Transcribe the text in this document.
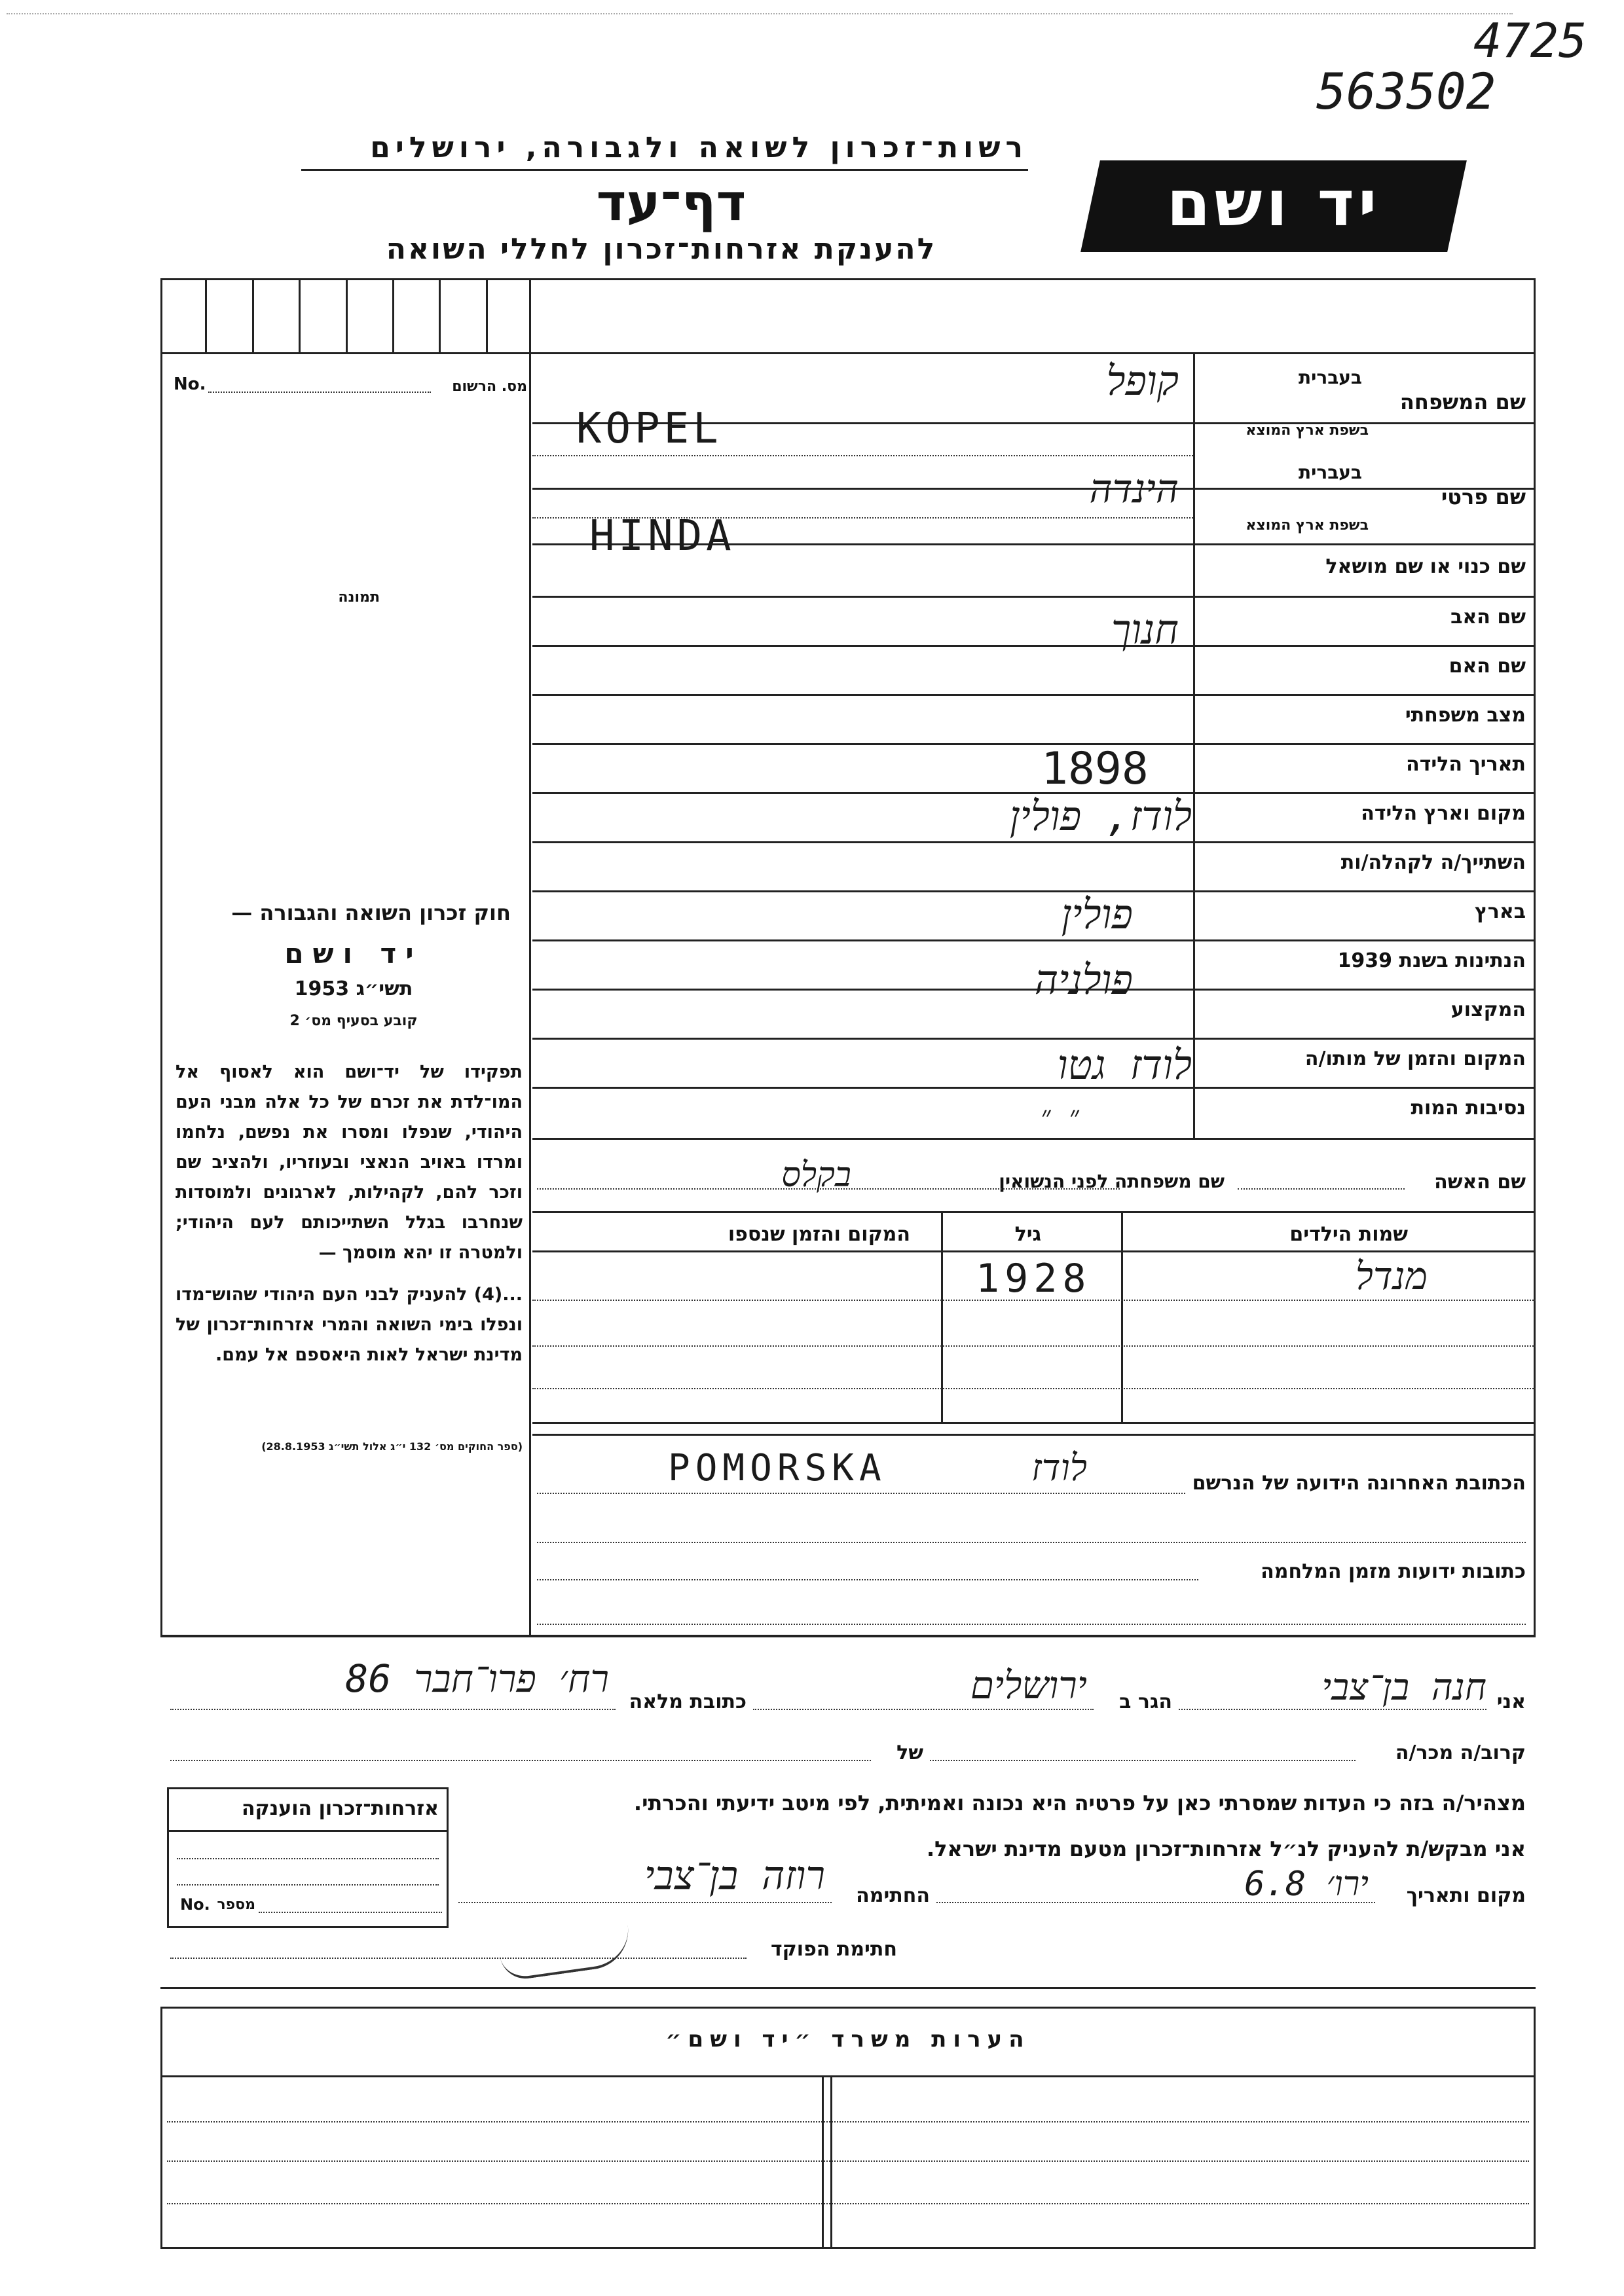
563502
4725
רשות־זכרון לשואה ולגבורה, ירושלים
דף־עד
להענקת אזרחות־זכרון לחללי השואה
יד ושם
No.	מס. הרשום
תמונה
שם המשפחה
בעברית
בשפת ארץ המוצא
שם פרטי
בעברית
בשפת ארץ המוצא
שם כנוי או שם מושאל
שם האב
שם האם
מצב משפחתי
תאריך הלידה
מקום וארץ הלידה
השתייך/ה לקהלה/ות
בארץ
הנתינות בשנת 1939
המקצוע
המקום והזמן של מותו/ה
נסיבות המות
קופל
KOPEL
הינדה
HINDA
חנוך
1898
לודז, פולין
פולין
פולניה
לודז גטו
״ ״
שם האשה
שם משפחתה לפני הנשואין
בקלס
שמות הילדים
גיל
המקום והזמן שנספו
מנדל
1928
הכתובת האחרונה הידועה של הנרשם
POMORSKA	לודז
כתובות ידועות מזמן המלחמה
חוק זכרון השואה והגבורה —
יד ושם
תשי״ג 1953
קובע בסעיף מס׳ 2
תפקידו של יד־ושם הוא לאסוף אל המו־לדת את זכרם של כל אלה מבני העם היהודי, שנפלו ומסרו את נפשם, נלחמו ומרדו באויב הנאצי ובעוזריו, ולהציב שם וזכר להם, לקהילות, לארגונים ולמוסדות שנחרבו בגלל השתייכותם לעם היהודי; ולמטרה זו יהא מוסמך —
...(4) להעניק לבני העם היהודי שהוש־מדו ונפלו בימי השואה והמרי אזרחות־זכרון של מדינת ישראל לאות היאספם אל עמם.
(ספר החוקים מס׳ 132 י״ג אלול תשי״ג 28.8.1953)
אני
חנה בן־צבי
הגר ב
ירושלים
כתובת מלאה
רח׳ פרו־חבר 86
קרוב/ה מכר/ה
של
מצהיר/ה בזה כי העדות שמסרתי כאן על פרטיה היא נכונה ואמיתית, לפי מיטב ידיעתי והכרתי.
אני מבקש/ת להעניק לנ״ל אזרחות־זכרון מטעם מדינת ישראל.
מקום ותאריך
ירו׳ 6.8
החתימה
רוזה בן־צבי
חתימת הפוקד
אזרחות־זכרון הוענקה
No. מספר
הערות משרד ״יד ושם״
